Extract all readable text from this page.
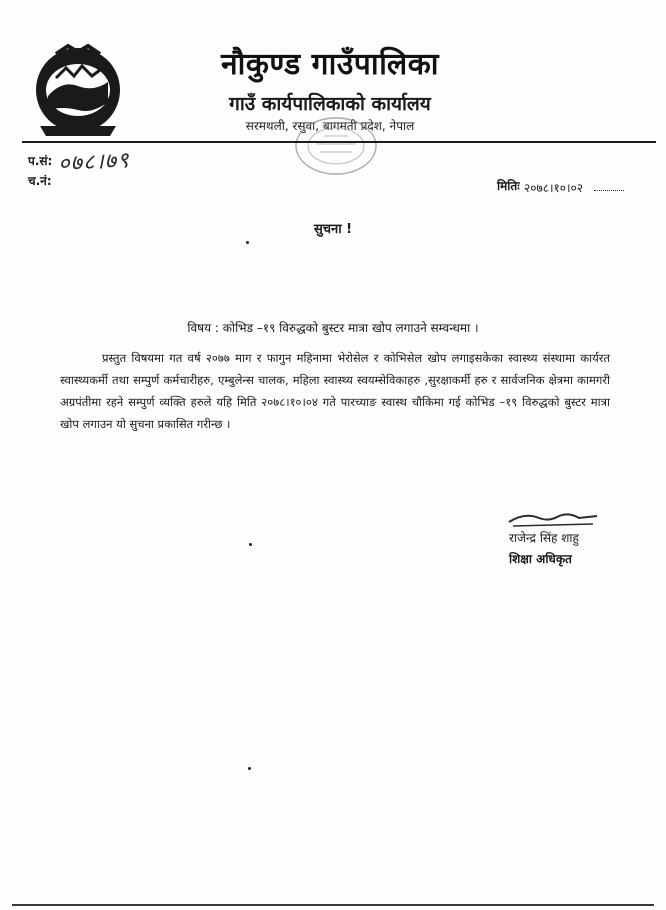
नौकुण्ड गाउँपालिका
गाउँ कार्यपालिकाको कार्यालय
सरमथली, रसुवा, बागमती प्रदेश, नेपाल
प.सं: ०७८।७९
च.नं:	मितिः २०७८।१०।०२
सुचना !
विषय : कोभिड –१९ विरुद्धको बुस्टर मात्रा खोप लगाउने सम्वन्धमा ।
प्रस्तुत विषयमा गत वर्ष २०७७ माग र फागुन महिनामा भेरोसेल र कोभिसेल खोप लगाइसकेका स्वास्थ्य संस्थामा कार्यरत स्वास्थ्यकर्मी तथा सम्पुर्ण कर्मचारीहरु, एम्बुलेन्स चालक, महिला स्वास्थ्य स्वयम्सेविकाहरु ,सुरक्षाकर्मी हरु र सार्वजनिक क्षेत्रमा कामगरी अग्रपंतीमा रहने सम्पुर्ण व्यक्ति हरुले यहि मिति २०७८।१०।०४ गते पारच्याङ स्वास्थ चौकिमा गई कोभिड –१९ विरुद्धको बुस्टर मात्रा खोप लगाउन यो सुचना प्रकासित गरीन्छ ।
राजेन्द्र सिंह शाहु
शिक्षा अधिकृत
